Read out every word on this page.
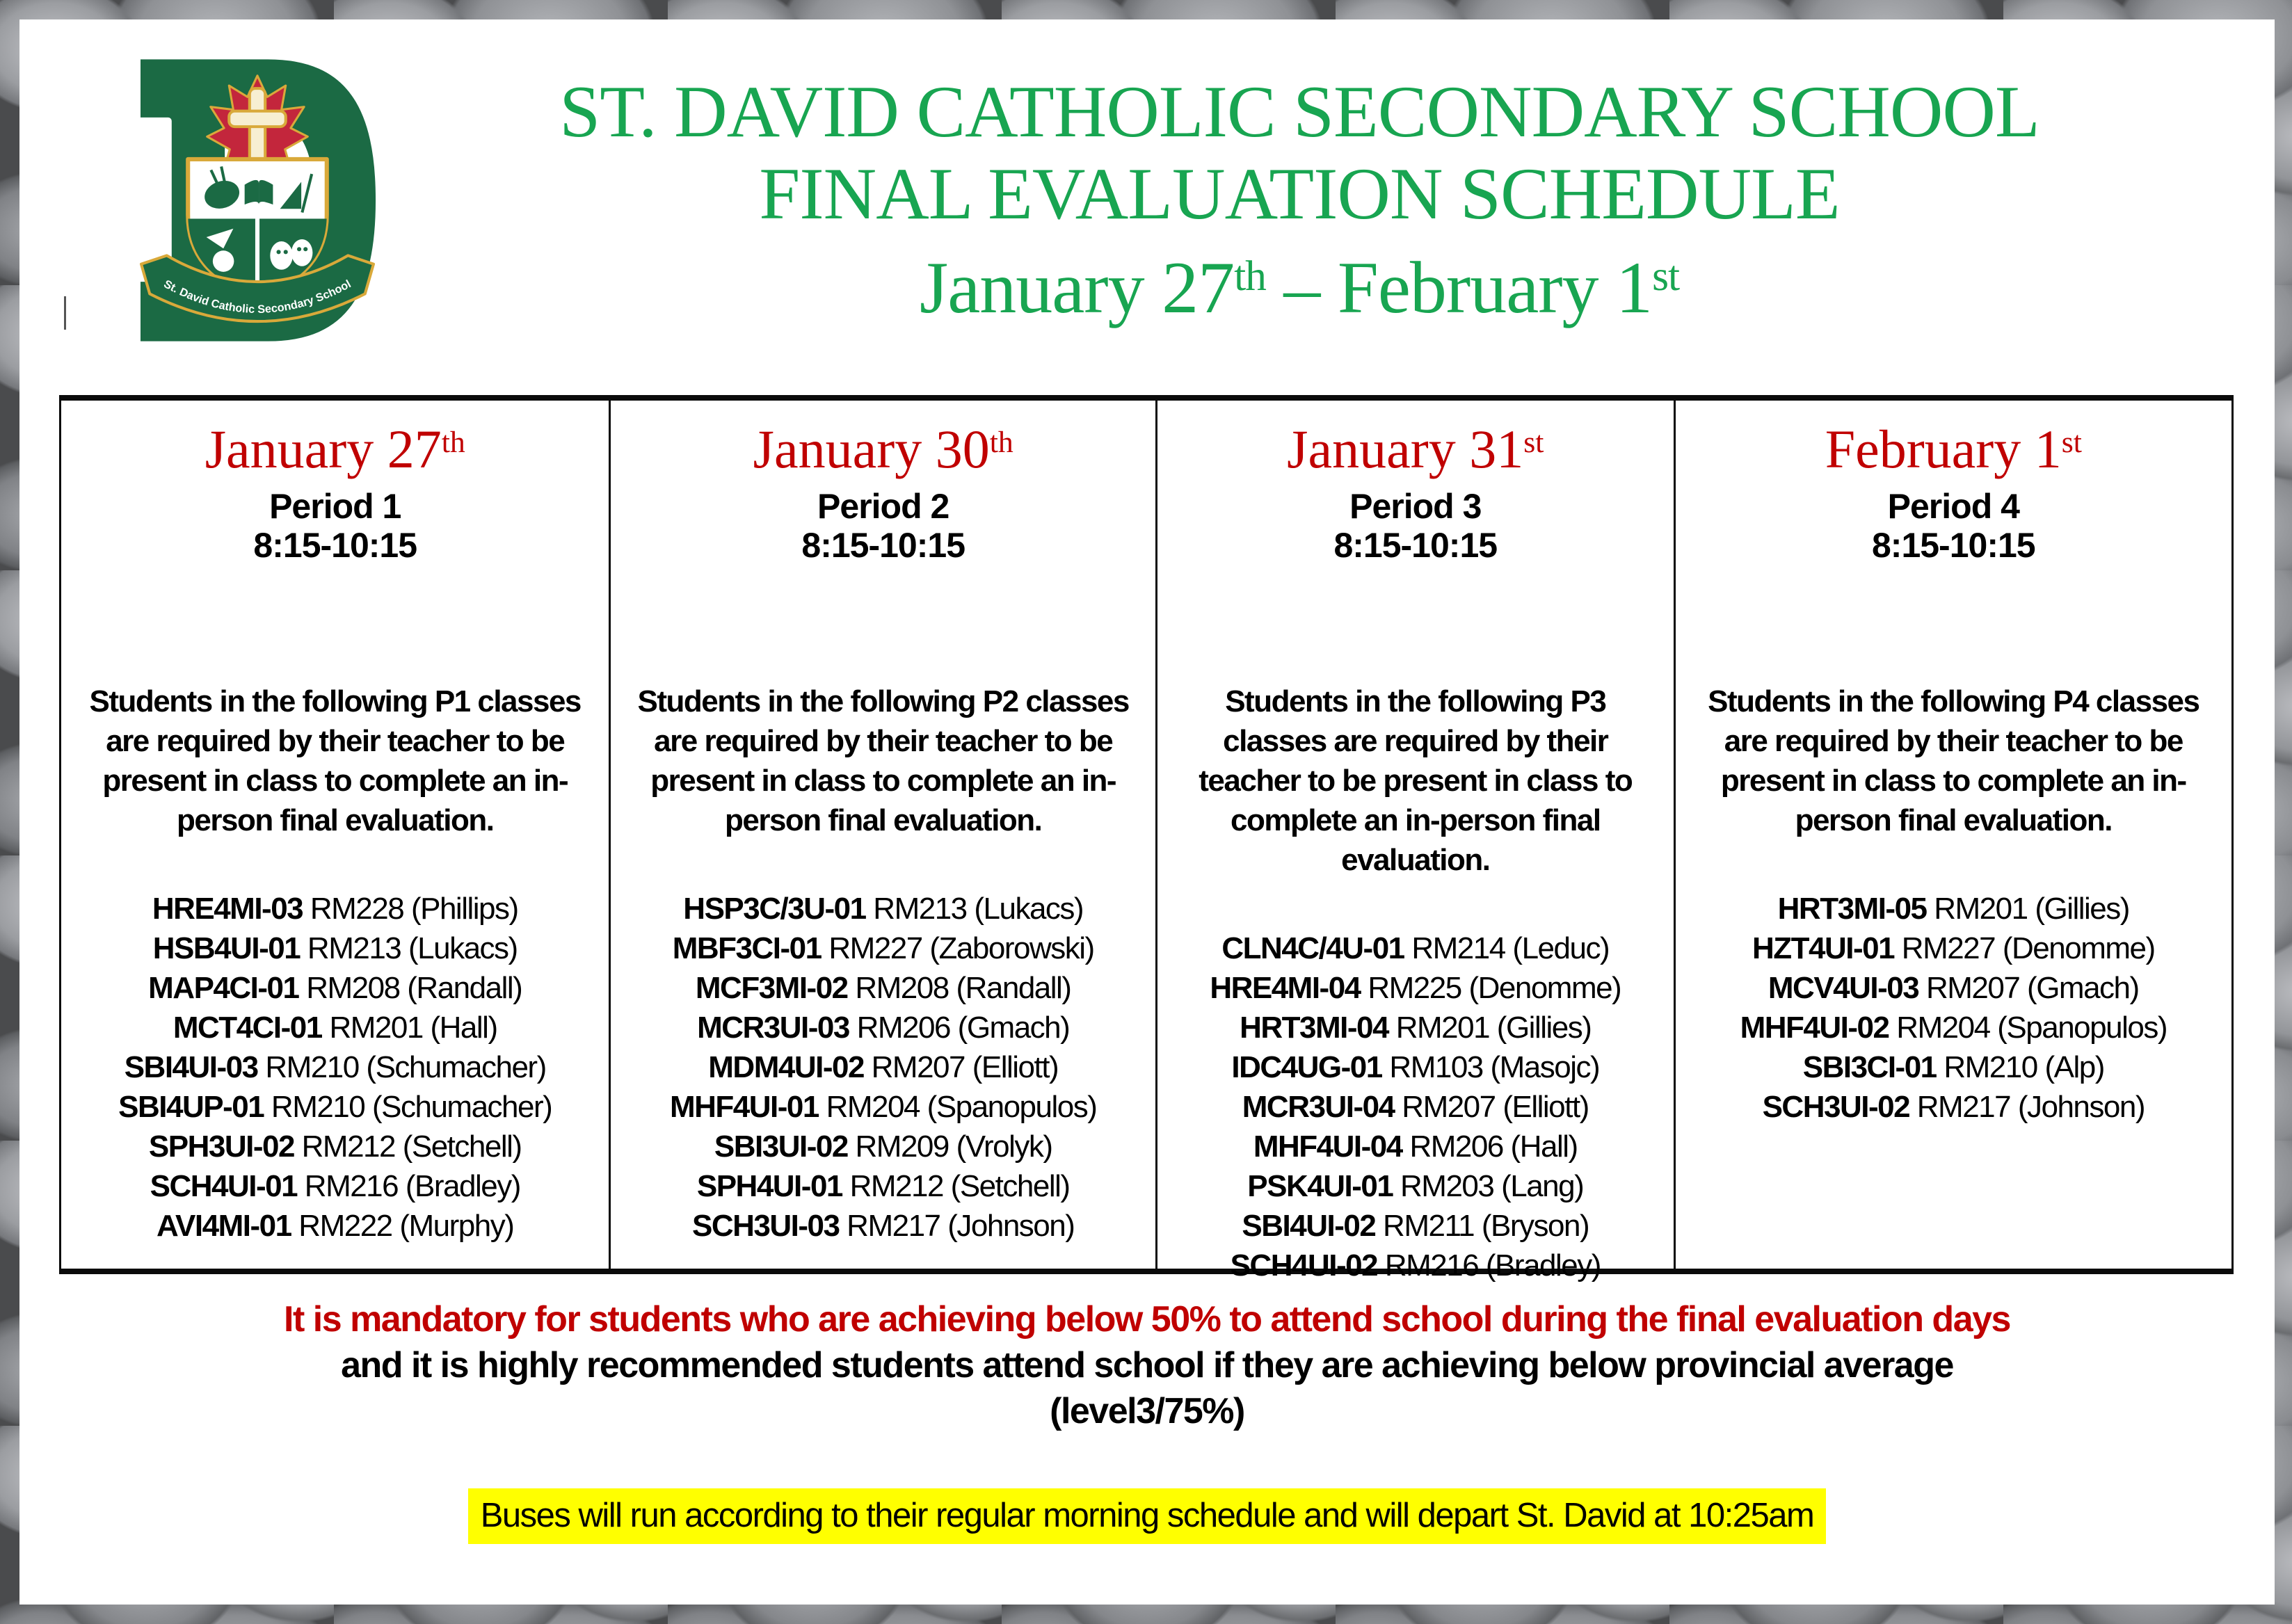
St. David Catholic Secondary School
ST. DAVID CATHOLIC SECONDARY SCHOOL
FINAL EVALUATION SCHEDULE
January 27th – February 1st
January 27th
Period 1
8:15-10:15
Students in the following P1 classes are required by their teacher to be present in class to complete an in-person final evaluation.
HRE4MI-03 RM228 (Phillips)
HSB4UI-01 RM213 (Lukacs)
MAP4CI-01 RM208 (Randall)
MCT4CI-01 RM201 (Hall)
SBI4UI-03 RM210 (Schumacher)
SBI4UP-01 RM210 (Schumacher)
SPH3UI-02 RM212 (Setchell)
SCH4UI-01 RM216 (Bradley)
AVI4MI-01 RM222 (Murphy)
January 30th
Period 2
8:15-10:15
Students in the following P2 classes are required by their teacher to be present in class to complete an in-person final evaluation.
HSP3C/3U-01 RM213 (Lukacs)
MBF3CI-01 RM227 (Zaborowski)
MCF3MI-02 RM208 (Randall)
MCR3UI-03 RM206 (Gmach)
MDM4UI-02 RM207 (Elliott)
MHF4UI-01 RM204 (Spanopulos)
SBI3UI-02 RM209 (Vrolyk)
SPH4UI-01 RM212 (Setchell)
SCH3UI-03 RM217 (Johnson)
January 31st
Period 3
8:15-10:15
Students in the following P3 classes are required by their teacher to be present in class to complete an in-person final evaluation.
CLN4C/4U-01 RM214 (Leduc)
HRE4MI-04 RM225 (Denomme)
HRT3MI-04 RM201 (Gillies)
IDC4UG-01 RM103 (Masojc)
MCR3UI-04 RM207 (Elliott)
MHF4UI-04 RM206 (Hall)
PSK4UI-01 RM203 (Lang)
SBI4UI-02 RM211 (Bryson)
SCH4UI-02 RM216 (Bradley)
February 1st
Period 4
8:15-10:15
Students in the following P4 classes are required by their teacher to be present in class to complete an in-person final evaluation.
HRT3MI-05 RM201 (Gillies)
HZT4UI-01 RM227 (Denomme)
MCV4UI-03 RM207 (Gmach)
MHF4UI-02 RM204 (Spanopulos)
SBI3CI-01 RM210 (Alp)
SCH3UI-02 RM217 (Johnson)
It is mandatory for students who are achieving below 50% to attend school during the final evaluation days
and it is highly recommended students attend school if they are achieving below provincial average
(level3/75%)
Buses will run according to their regular morning schedule and will depart St. David at 10:25am
